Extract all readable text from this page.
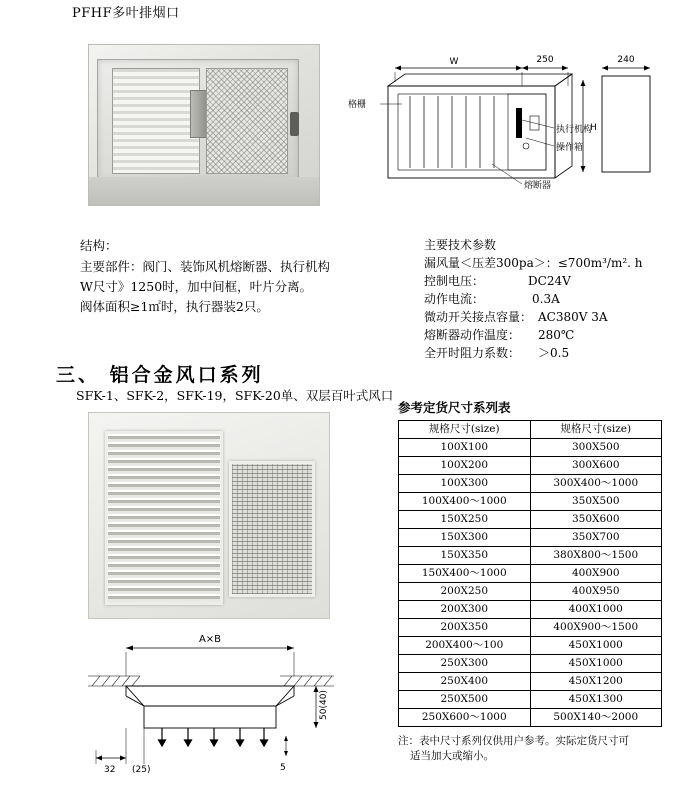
PFHF多叶排烟口
W	250	240
H
格栅
执行机构
操作箱
熔断器
结构：
主要部件：阀门、装饰风机熔断器、执行机构
W尺寸》1250时，加中间框，叶片分离。
阀体面积≥1㎡时，执行器装2只。
主要技术参数
漏风量＜压差300pa＞： ≤700m³/m². h
控制电压：	DC24V
动作电流：	0.3A
微动开关接点容量： AC380V 3A
熔断器动作温度： 280℃
全开时阻力系数： ＞0.5
三、 铝合金风口系列
SFK-1、SFK-2，SFK-19，SFK-20单、双层百叶式风口
A×B
50(40)
32 (25)	5
参考定货尺寸系列表
规格尺寸(size)	规格尺寸(size)
100X100	300X500
100X200	300X600
100X300	300X400～1000
100X400～1000	350X500
150X250	350X600
150X300	350X700
150X350	380X800～1500
150X400～1000	400X900
200X250	400X950
200X300	400X1000
200X350	400X900～1500
200X400～100	450X1000
250X300	450X1000
250X400	450X1200
250X500	450X1300
250X600～1000	500X140～2000
注：表中尺寸系列仅供用户参考。实际定货尺寸可
适当加大或缩小。
